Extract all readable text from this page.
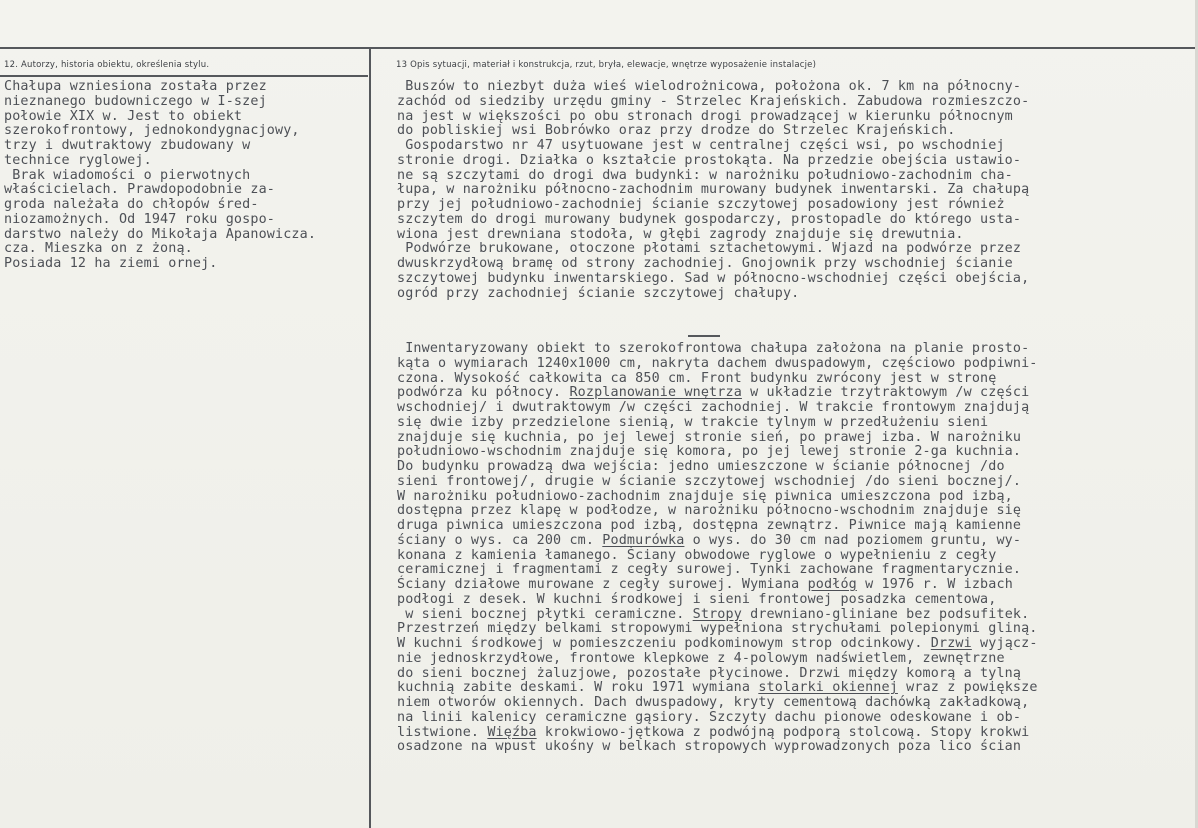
12. Autorzy, historia obiektu, określenia stylu.	13 Opis sytuacji, materiał i konstrukcja, rzut, bryła, elewacje, wnętrze wyposażenie instalacje)
Chałupa wzniesiona została przez
nieznanego budowniczego w I-szej
połowie XIX w. Jest to obiekt
szerokofrontowy, jednokondygnacjowy,
trzy i dwutraktowy zbudowany w
technice ryglowej.
Brak wiadomości o pierwotnych
właścicielach. Prawdopodobnie za-
groda należała do chłopów śred-
niozamożnych. Od 1947 roku gospo-
darstwo należy do Mikołaja Apanowicza.
cza. Mieszka on z żoną.
Posiada 12 ha ziemi ornej.
Buszów to niezbyt duża wieś wielodrożnicowa, położona ok. 7 km na północny-
zachód od siedziby urzędu gminy - Strzelec Krajeńskich. Zabudowa rozmieszczo-
na jest w większości po obu stronach drogi prowadzącej w kierunku północnym
do pobliskiej wsi Bobrówko oraz przy drodze do Strzelec Krajeńskich.
Gospodarstwo nr 47 usytuowane jest w centralnej części wsi, po wschodniej
stronie drogi. Działka o kształcie prostokąta. Na przedzie obejścia ustawio-
ne są szczytami do drogi dwa budynki: w narożniku południowo-zachodnim cha-
łupa, w narożniku północno-zachodnim murowany budynek inwentarski. Za chałupą
przy jej południowo-zachodniej ścianie szczytowej posadowiony jest również
szczytem do drogi murowany budynek gospodarczy, prostopadle do którego usta-
wiona jest drewniana stodoła, w głębi zagrody znajduje się drewutnia.
Podwórze brukowane, otoczone płotami sztachetowymi. Wjazd na podwórze przez
dwuskrzydłową bramę od strony zachodniej. Gnojownik przy wschodniej ścianie
szczytowej budynku inwentarskiego. Sad w północno-wschodniej części obejścia,
ogród przy zachodniej ścianie szczytowej chałupy.
Inwentaryzowany obiekt to szerokofrontowa chałupa założona na planie prosto-
kąta o wymiarach 1240x1000 cm, nakryta dachem dwuspadowym, częściowo podpiwni-
czona. Wysokość całkowita ca 850 cm. Front budynku zwrócony jest w stronę
podwórza ku północy. Rozplanowanie wnętrza w układzie trzytraktowym /w części
wschodniej/ i dwutraktowym /w części zachodniej. W trakcie frontowym znajdują
się dwie izby przedzielone sienią, w trakcie tylnym w przedłużeniu sieni
znajduje się kuchnia, po jej lewej stronie sień, po prawej izba. W narożniku
południowo-wschodnim znajduje się komora, po jej lewej stronie 2-ga kuchnia.
Do budynku prowadzą dwa wejścia: jedno umieszczone w ścianie północnej /do
sieni frontowej/, drugie w ścianie szczytowej wschodniej /do sieni bocznej/.
W narożniku południowo-zachodnim znajduje się piwnica umieszczona pod izbą,
dostępna przez klapę w podłodze, w narożniku północno-wschodnim znajduje się
druga piwnica umieszczona pod izbą, dostępna zewnątrz. Piwnice mają kamienne
ściany o wys. ca 200 cm. Podmurówka o wys. do 30 cm nad poziomem gruntu, wy-
konana z kamienia łamanego. Ściany obwodowe ryglowe o wypełnieniu z cegły
ceramicznej i fragmentami z cegły surowej. Tynki zachowane fragmentarycznie.
Ściany działowe murowane z cegły surowej. Wymiana podłóg w 1976 r. W izbach
podłogi z desek. W kuchni środkowej i sieni frontowej posadzka cementowa,
w sieni bocznej płytki ceramiczne. Stropy drewniano-gliniane bez podsufitek.
Przestrzeń między belkami stropowymi wypełniona strychułami polepionymi gliną.
W kuchni środkowej w pomieszczeniu podkominowym strop odcinkowy. Drzwi wyjącz-
nie jednoskrzydłowe, frontowe klepkowe z 4-polowym nadświetlem, zewnętrzne
do sieni bocznej żaluzjowe, pozostałe płycinowe. Drzwi między komorą a tylną
kuchnią zabite deskami. W roku 1971 wymiana stolarki okiennej wraz z powiększe
niem otworów okiennych. Dach dwuspadowy, kryty cementową dachówką zakładkową,
na linii kalenicy ceramiczne gąsiory. Szczyty dachu pionowe odeskowane i ob-
listwione. Więźba krokwiowo-jętkowa z podwójną podporą stolcową. Stopy krokwi
osadzone na wpust ukośny w belkach stropowych wyprowadzonych poza lico ścian
